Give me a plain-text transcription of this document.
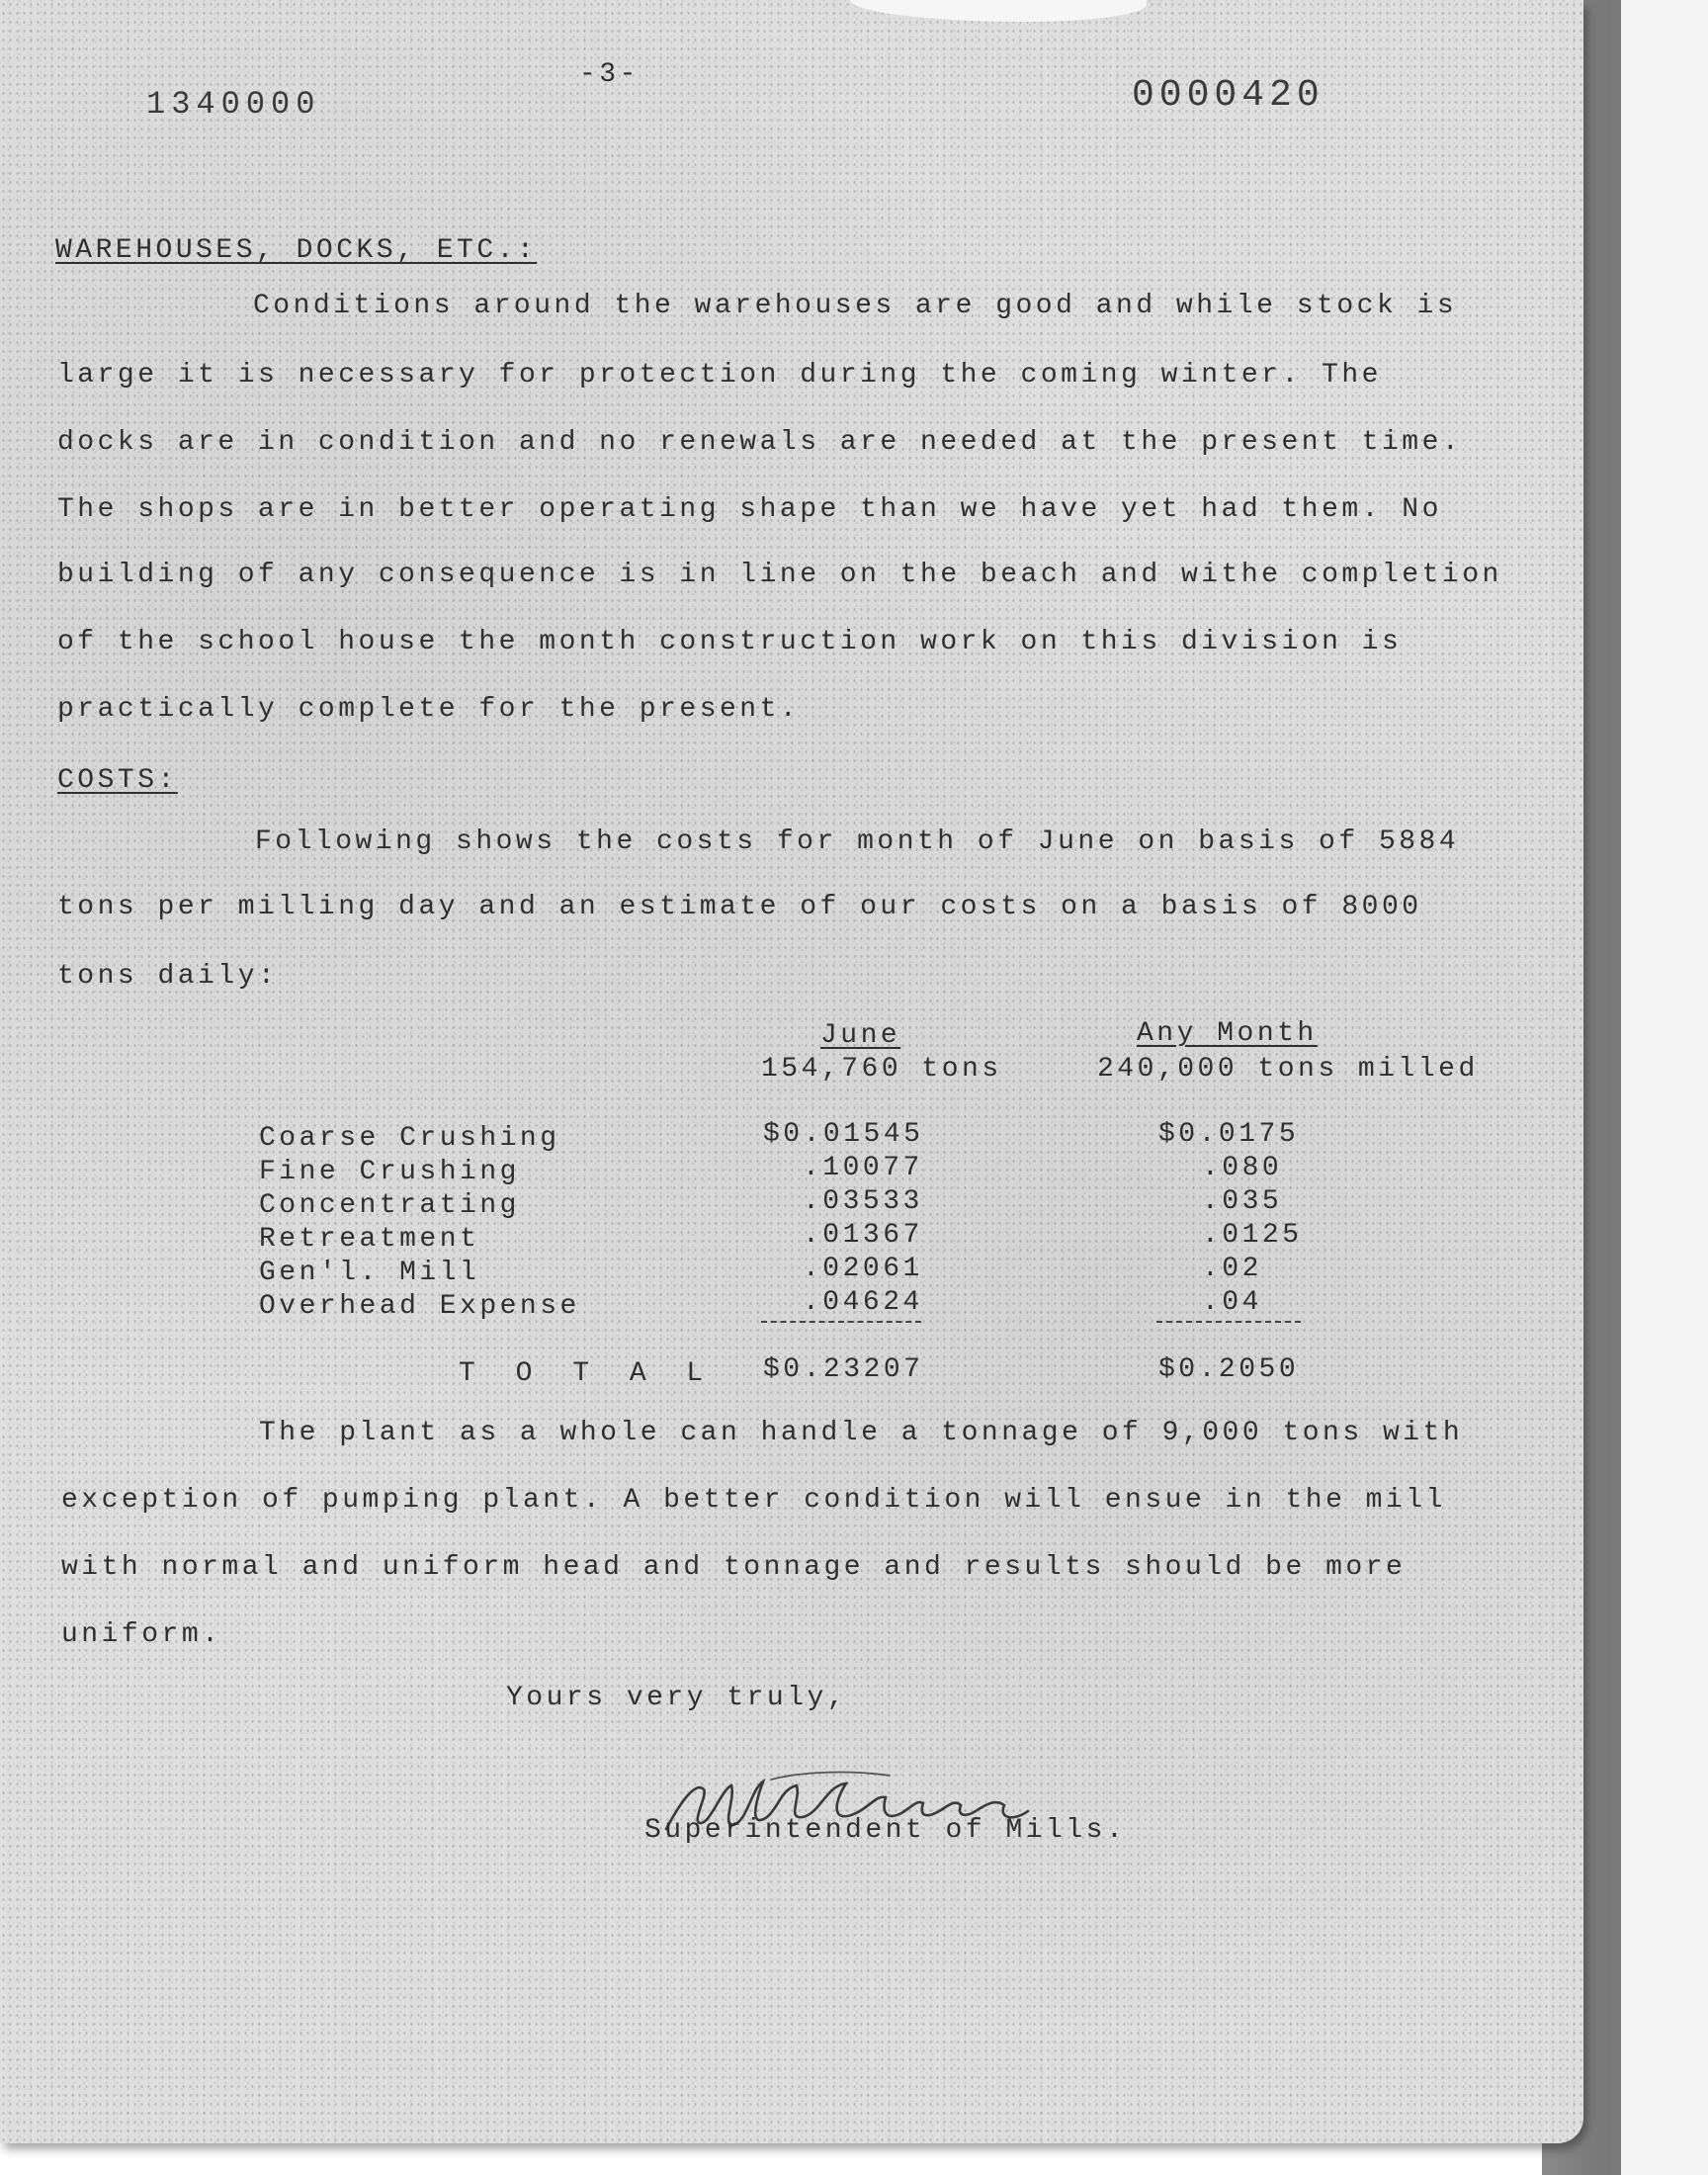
1340000
-3-	0000420
WAREHOUSES, DOCKS, ETC.:
Conditions around the warehouses are good and while stock is
large it is necessary for protection during the coming winter. The
docks are in condition and no renewals are needed at the present time.
The shops are in better operating shape than we have yet had them. No
building of any consequence is in line on the beach and withe completion
of the school house the month construction work on this division is
practically complete for the present.
COSTS:
Following shows the costs for month of June on basis of 5884
tons per milling day and an estimate of our costs on a basis of 8000
tons daily:
June
154,760 tons
Any Month
240,000 tons milled
Coarse Crushing	$0.01545	$0.0175
Fine Crushing	.10077	.080
Concentrating	.03533	.035
Retreatment	.01367	.0125
Gen'l. Mill	.02061	.02
Overhead Expense	.04624	.04
T O T A L $0.23207	$0.2050
The plant as a whole can handle a tonnage of 9,000 tons with
exception of pumping plant. A better condition will ensue in the mill
with normal and uniform head and tonnage and results should be more
uniform.
Yours very truly,
Superintendent of Mills.
